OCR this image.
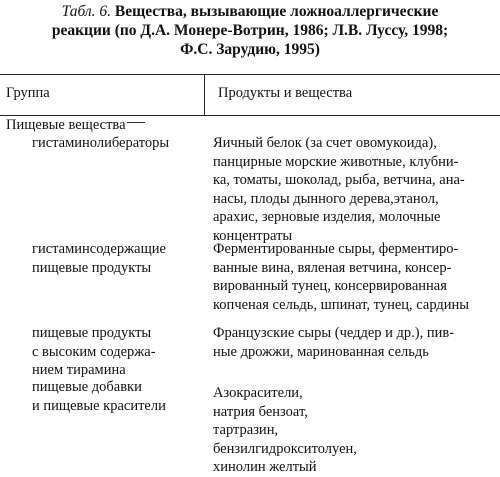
Табл. 6. Вещества, вызывающие ложноаллергические
реакции (по Д.А. Монере-Вотрин, 1986; Л.В. Луссу, 1998;
Ф.С. Зарудию, 1995)
Группа	Продукты и вещества
Пищевые вещества
гистаминолибераторы	Яичный белок (за счет овомукоида),
панцирные морские животные, клубни-
ка, томаты, шоколад, рыба, ветчина, ана-
насы, плоды дынного дерева,этанол,
арахис, зерновые изделия, молочные
концентраты
гистаминсодержащие
пищевые продукты
Ферментированные сыры, ферментиро-
ванные вина, вяленая ветчина, консер-
вированный тунец, консервированная
копченая сельдь, шпинат, тунец, сардины
пищевые продукты
с высоким содержа-
нием тирамина
Французские сыры (чеддер и др.), пив-
ные дрожжи, маринованная сельдь
пищевые добавки
и пищевые красители
Азокрасители,
натрия бензоат,
тартразин,
бензилгидрокситолуен,
хинолин желтый
